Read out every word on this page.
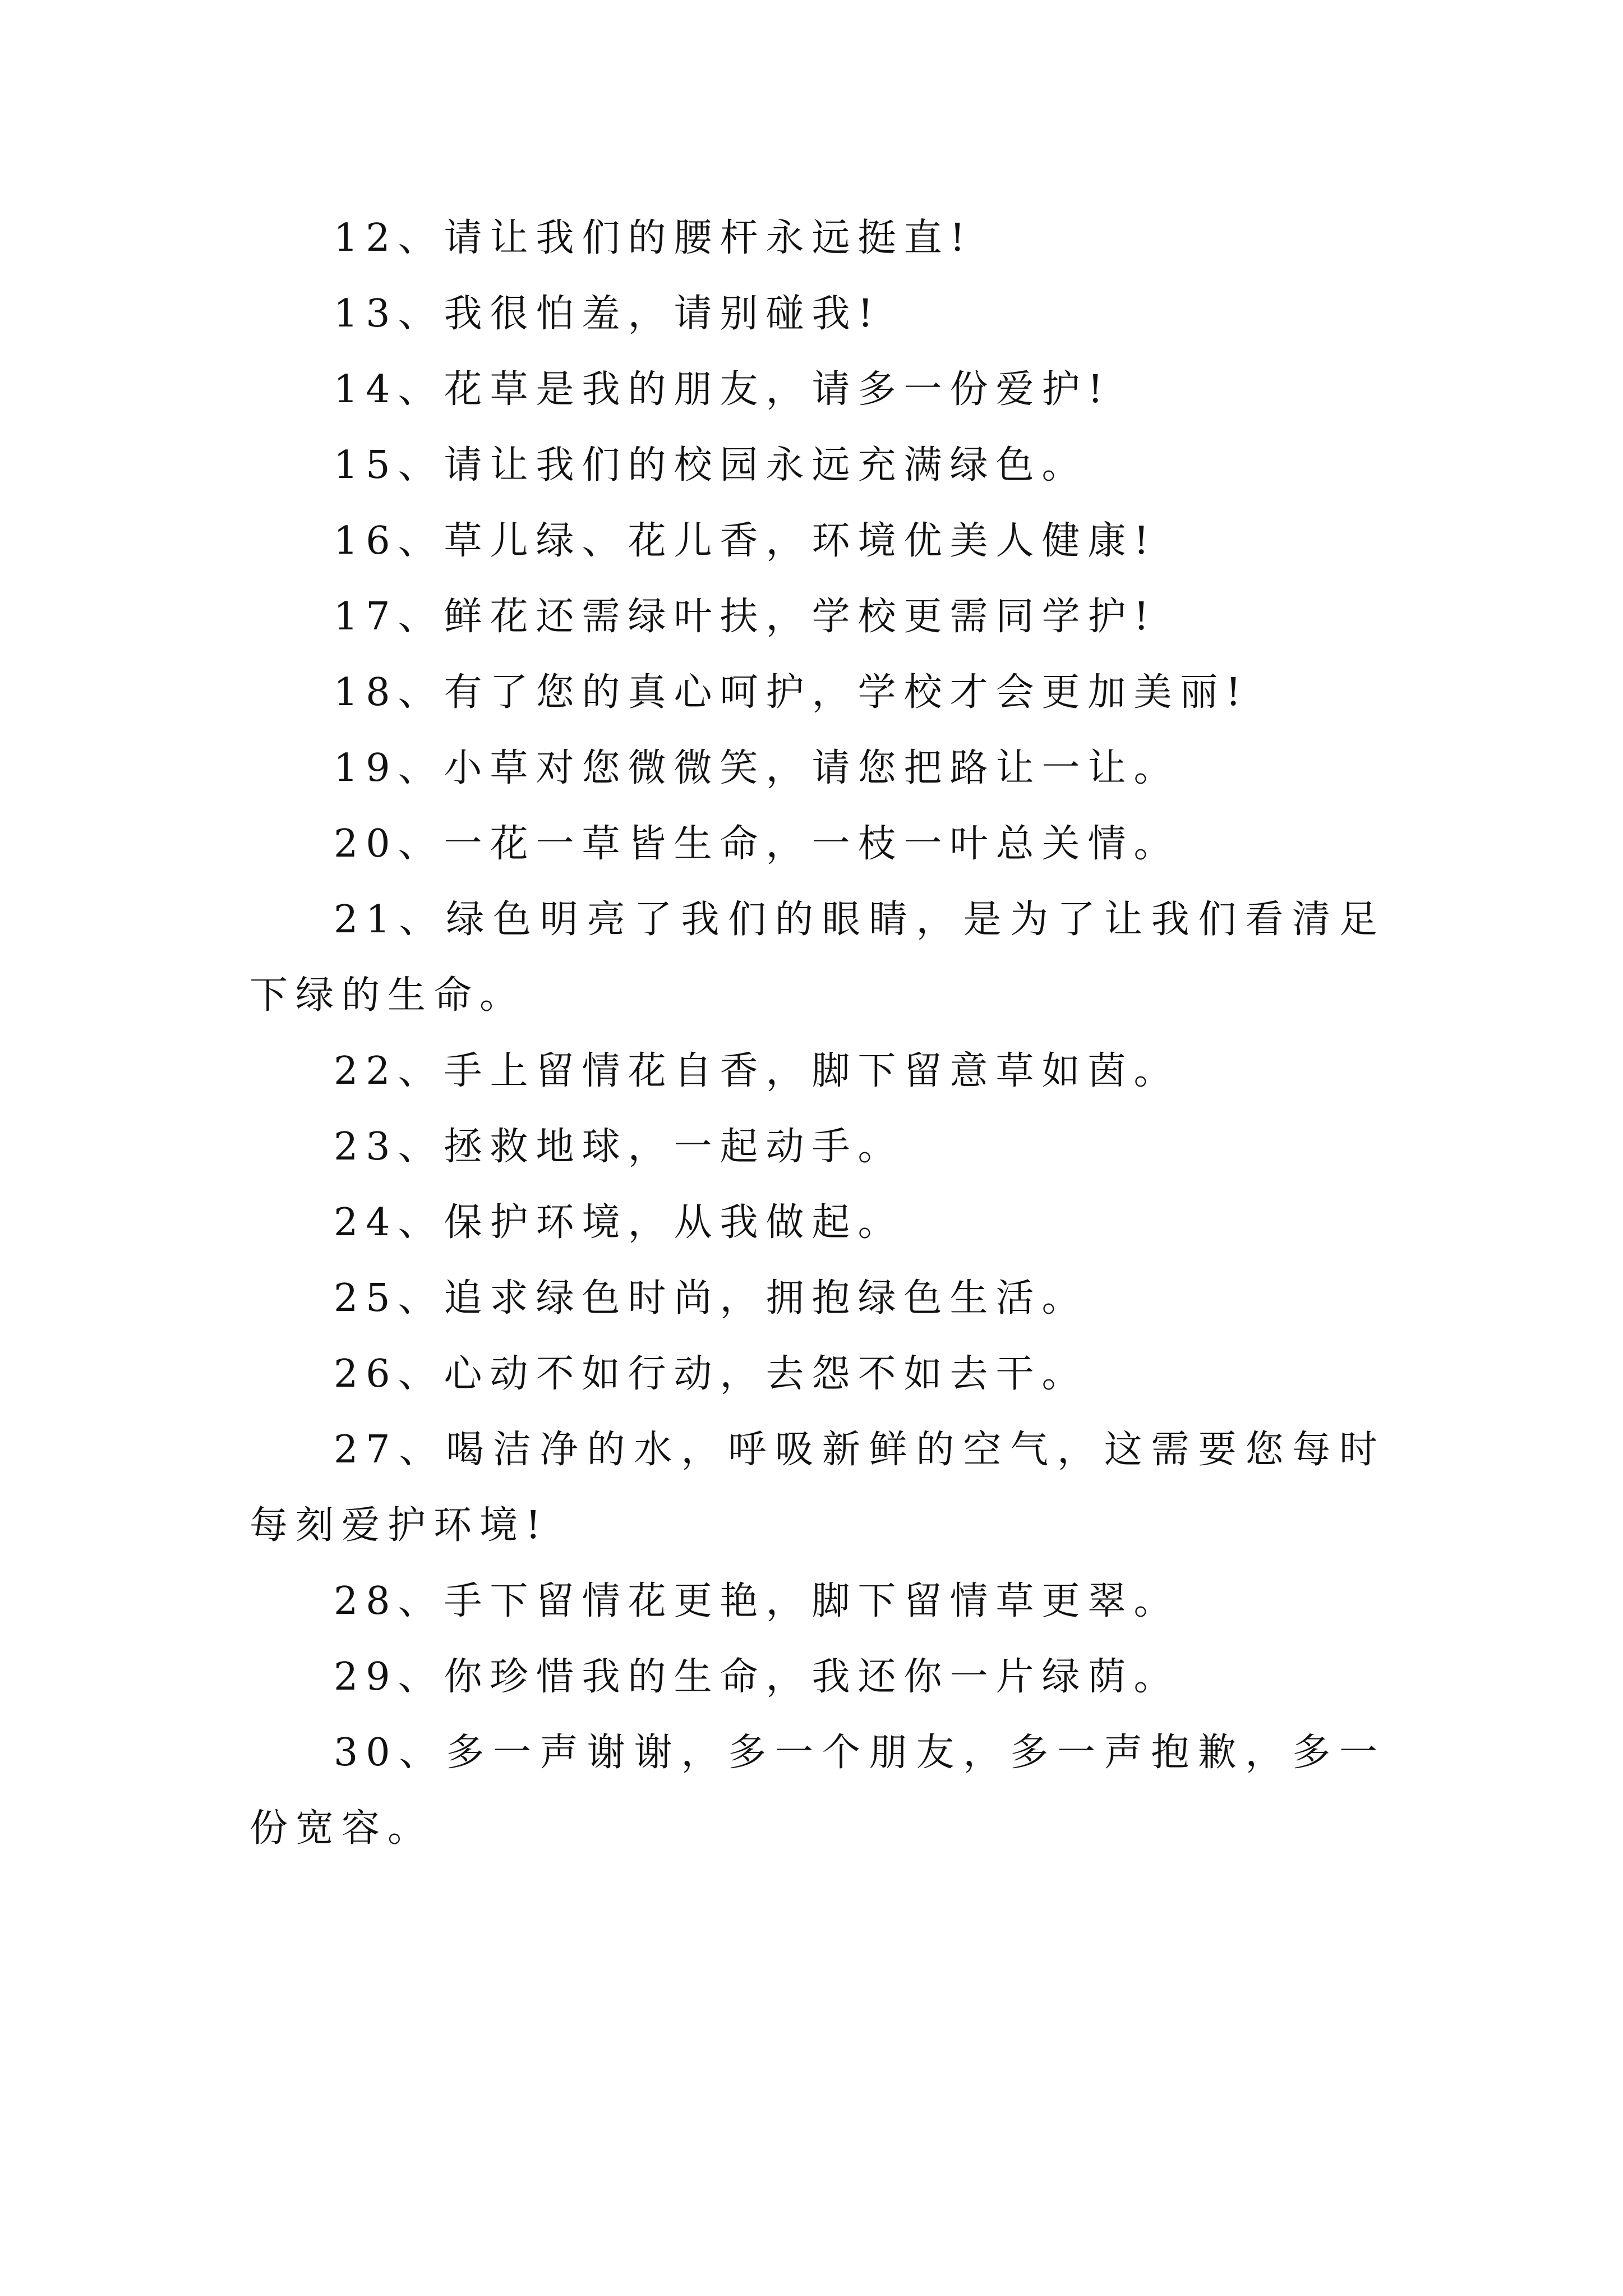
12、请让我们的腰杆永远挺直!

13、我很怕羞，请别碰我!

14、花草是我的朋友，请多一份爱护!

15、请让我们的校园永远充满绿色。

16、草儿绿、花儿香，环境优美人健康!

17、鲜花还需绿叶扶，学校更需同学护!

18、有了您的真心呵护，学校才会更加美丽!

19、小草对您微微笑，请您把路让一让。

20、一花一草皆生命，一枝一叶总关情。

21、绿色明亮了我们的眼睛，是为了让我们看清足下绿的生命。

22、手上留情花自香，脚下留意草如茵。

23、拯救地球，一起动手。

24、保护环境，从我做起。

25、追求绿色时尚，拥抱绿色生活。

26、心动不如行动，去怨不如去干。

27、喝洁净的水，呼吸新鲜的空气，这需要您每时每刻爱护环境!

28、手下留情花更艳，脚下留情草更翠。

29、你珍惜我的生命，我还你一片绿荫。

30、多一声谢谢，多一个朋友，多一声抱歉，多一份宽容。
